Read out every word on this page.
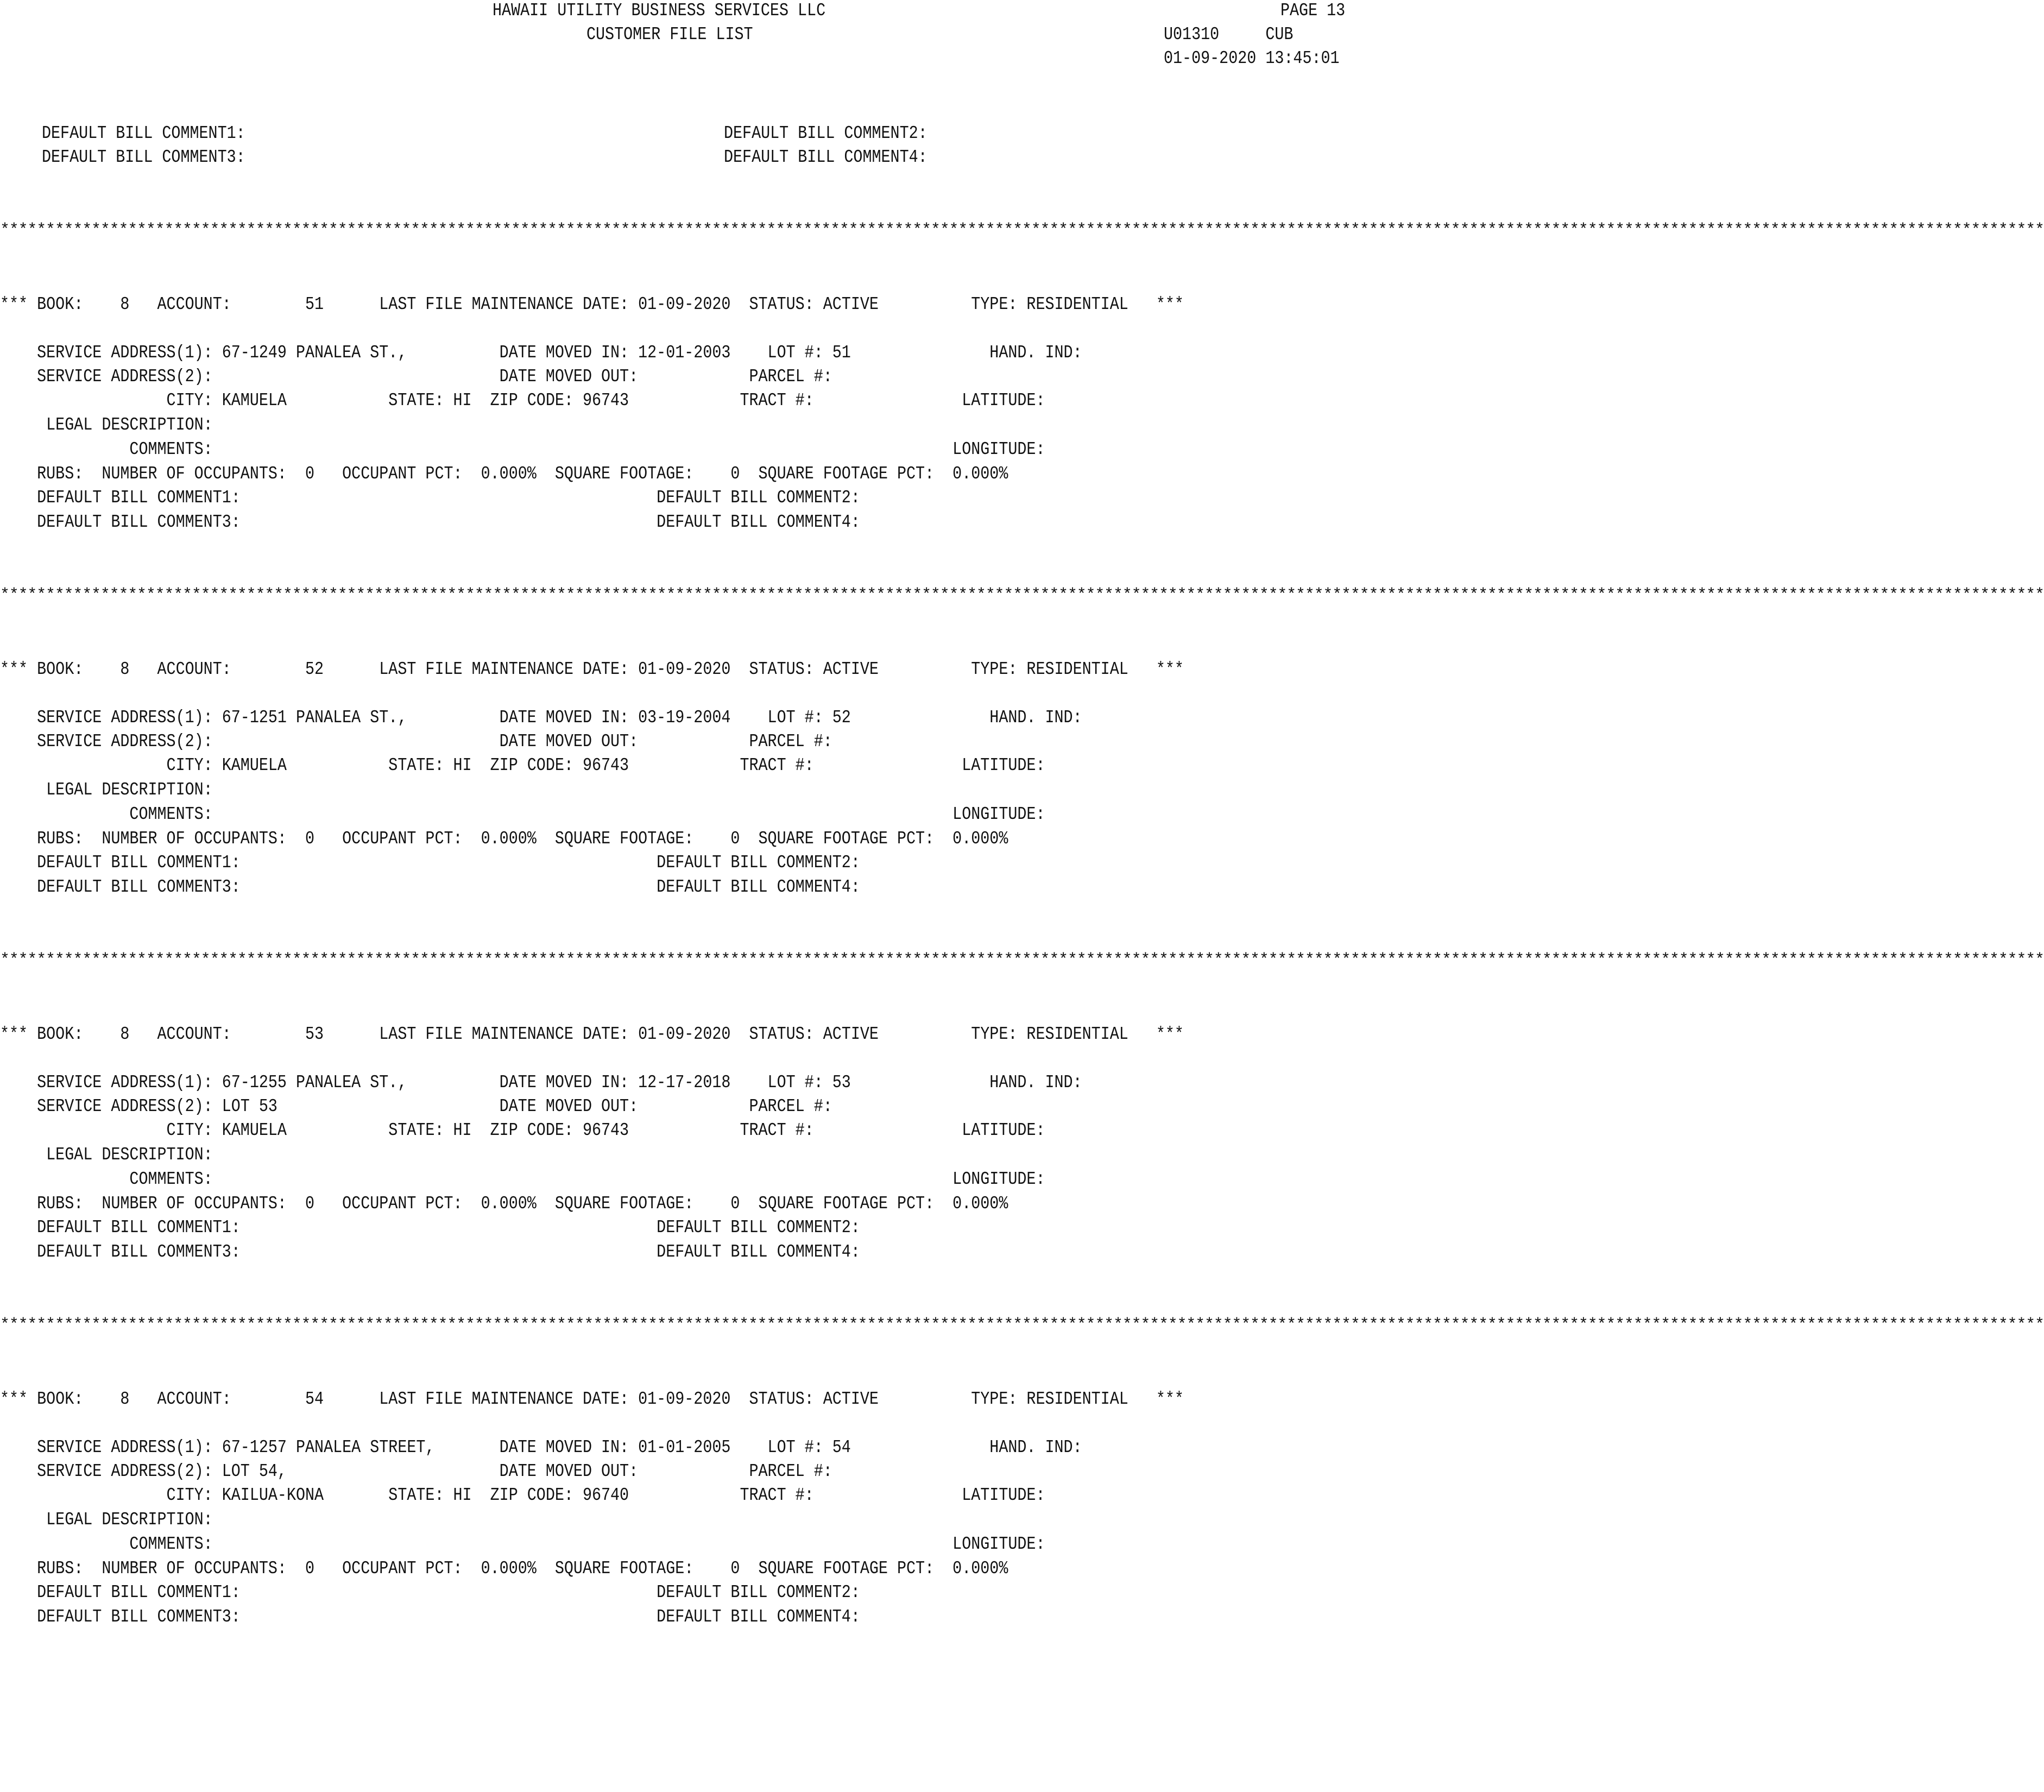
HAWAII UTILITY BUSINESS SERVICES LLC
CUSTOMER FILE LIST
PAGE 13
U01310     CUB
01-09-2020 13:45:01
DEFAULT BILL COMMENT1:	DEFAULT BILL COMMENT2:
DEFAULT BILL COMMENT3:	DEFAULT BILL COMMENT4:
********************************************************************************************************************************************************************************************************************************
*** BOOK:    8   ACCOUNT:        51      LAST FILE MAINTENANCE DATE: 01-09-2020  STATUS: ACTIVE          TYPE: RESIDENTIAL   ***
SERVICE ADDRESS(1): 67-1249 PANALEA ST.,          DATE MOVED IN: 12-01-2003    LOT #: 51               HAND. IND:
SERVICE ADDRESS(2):                               DATE MOVED OUT:            PARCEL #:
CITY: KAMUELA           STATE: HI  ZIP CODE: 96743            TRACT #:                LATITUDE:
LEGAL DESCRIPTION:
COMMENTS:                                                                                LONGITUDE:
RUBS:  NUMBER OF OCCUPANTS:  0   OCCUPANT PCT:  0.000%  SQUARE FOOTAGE:    0  SQUARE FOOTAGE PCT:  0.000%
DEFAULT BILL COMMENT1:                                             DEFAULT BILL COMMENT2:
DEFAULT BILL COMMENT3:                                             DEFAULT BILL COMMENT4:
********************************************************************************************************************************************************************************************************************************
*** BOOK:    8   ACCOUNT:        52      LAST FILE MAINTENANCE DATE: 01-09-2020  STATUS: ACTIVE          TYPE: RESIDENTIAL   ***
SERVICE ADDRESS(1): 67-1251 PANALEA ST.,          DATE MOVED IN: 03-19-2004    LOT #: 52               HAND. IND:
SERVICE ADDRESS(2):                               DATE MOVED OUT:            PARCEL #:
CITY: KAMUELA           STATE: HI  ZIP CODE: 96743            TRACT #:                LATITUDE:
LEGAL DESCRIPTION:
COMMENTS:                                                                                LONGITUDE:
RUBS:  NUMBER OF OCCUPANTS:  0   OCCUPANT PCT:  0.000%  SQUARE FOOTAGE:    0  SQUARE FOOTAGE PCT:  0.000%
DEFAULT BILL COMMENT1:                                             DEFAULT BILL COMMENT2:
DEFAULT BILL COMMENT3:                                             DEFAULT BILL COMMENT4:
********************************************************************************************************************************************************************************************************************************
*** BOOK:    8   ACCOUNT:        53      LAST FILE MAINTENANCE DATE: 01-09-2020  STATUS: ACTIVE          TYPE: RESIDENTIAL   ***
SERVICE ADDRESS(1): 67-1255 PANALEA ST.,          DATE MOVED IN: 12-17-2018    LOT #: 53               HAND. IND:
SERVICE ADDRESS(2): LOT 53                        DATE MOVED OUT:            PARCEL #:
CITY: KAMUELA           STATE: HI  ZIP CODE: 96743            TRACT #:                LATITUDE:
LEGAL DESCRIPTION:
COMMENTS:                                                                                LONGITUDE:
RUBS:  NUMBER OF OCCUPANTS:  0   OCCUPANT PCT:  0.000%  SQUARE FOOTAGE:    0  SQUARE FOOTAGE PCT:  0.000%
DEFAULT BILL COMMENT1:                                             DEFAULT BILL COMMENT2:
DEFAULT BILL COMMENT3:                                             DEFAULT BILL COMMENT4:
********************************************************************************************************************************************************************************************************************************
*** BOOK:    8   ACCOUNT:        54      LAST FILE MAINTENANCE DATE: 01-09-2020  STATUS: ACTIVE          TYPE: RESIDENTIAL   ***
SERVICE ADDRESS(1): 67-1257 PANALEA STREET,       DATE MOVED IN: 01-01-2005    LOT #: 54               HAND. IND:
SERVICE ADDRESS(2): LOT 54,                       DATE MOVED OUT:            PARCEL #:
CITY: KAILUA-KONA       STATE: HI  ZIP CODE: 96740            TRACT #:                LATITUDE:
LEGAL DESCRIPTION:
COMMENTS:                                                                                LONGITUDE:
RUBS:  NUMBER OF OCCUPANTS:  0   OCCUPANT PCT:  0.000%  SQUARE FOOTAGE:    0  SQUARE FOOTAGE PCT:  0.000%
DEFAULT BILL COMMENT1:                                             DEFAULT BILL COMMENT2:
DEFAULT BILL COMMENT3:                                             DEFAULT BILL COMMENT4:
